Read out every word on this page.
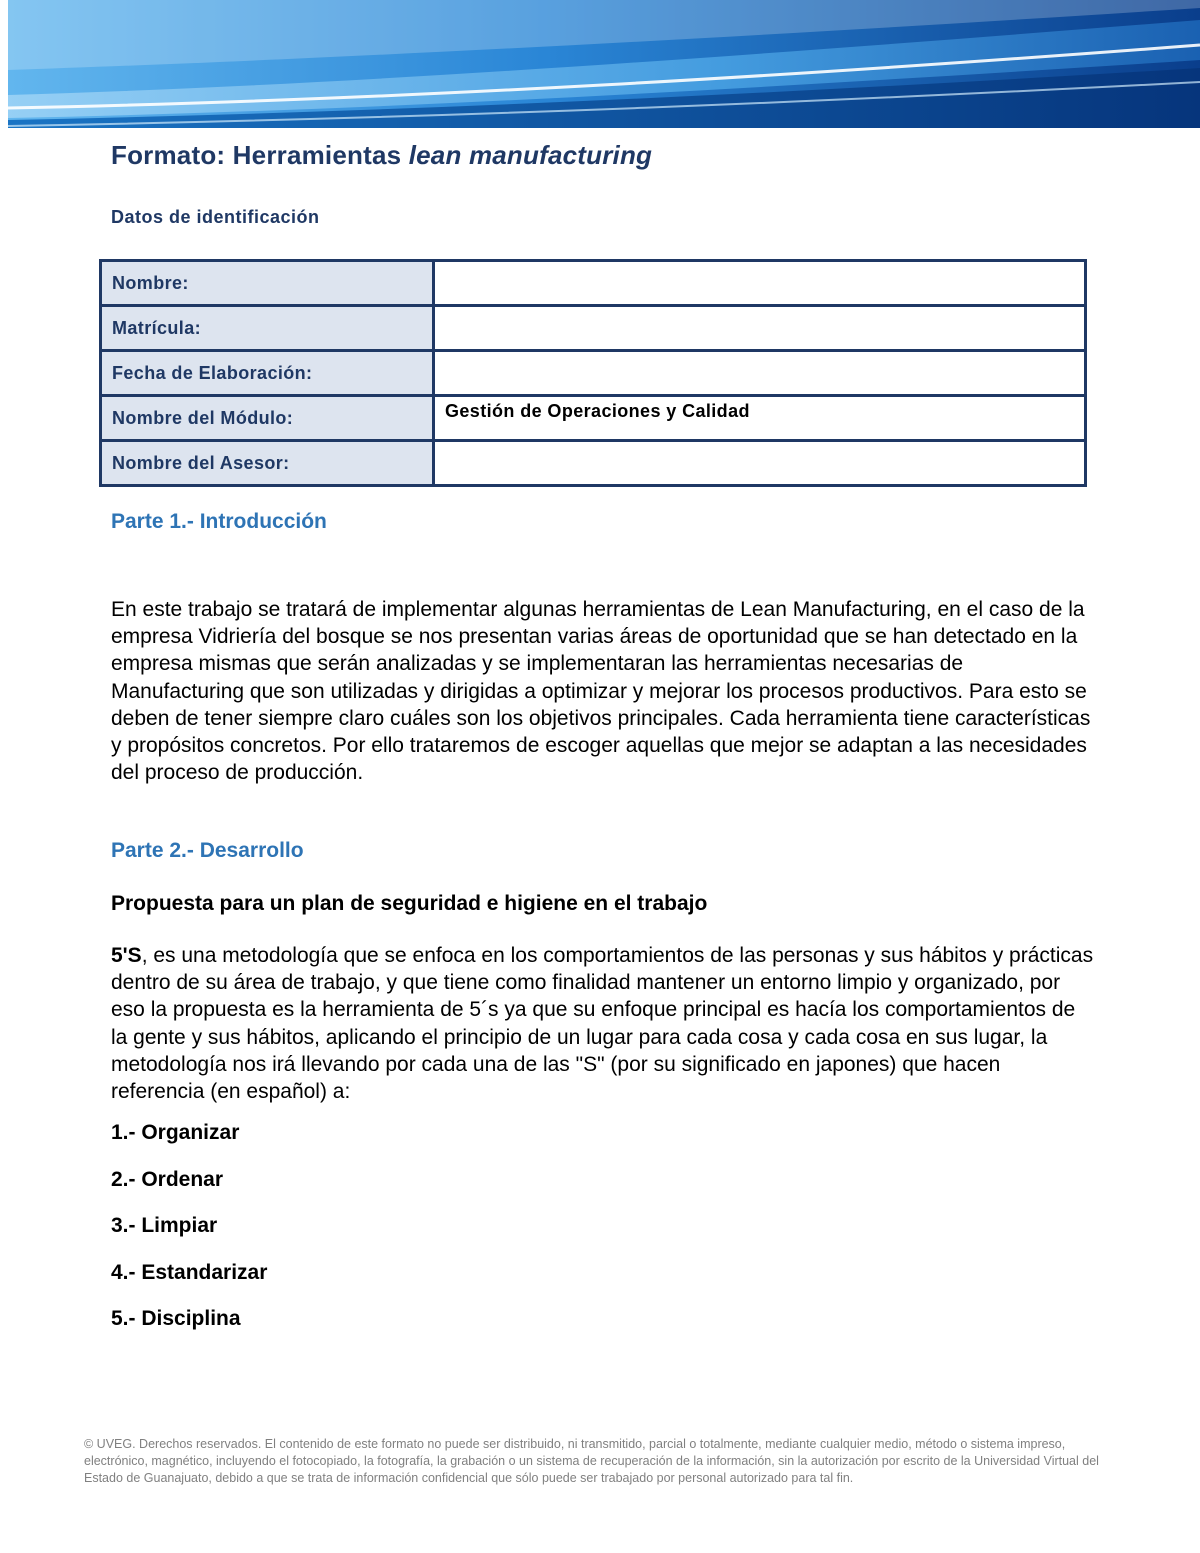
Formato: Herramientas lean manufacturing
Datos de identificación
Nombre:	
Matrícula:	
Fecha de Elaboración:	
Nombre del Módulo:	Gestión de Operaciones y Calidad
Nombre del Asesor:	
Parte 1.- Introducción

En este trabajo se tratará de implementar algunas herramientas de Lean Manufacturing, en el caso de la empresa Vidriería del bosque se nos presentan varias áreas de oportunidad que se han detectado en la empresa mismas que serán analizadas y se implementaran las herramientas necesarias de Manufacturing que son utilizadas y dirigidas a optimizar y mejorar los procesos productivos. Para esto se deben de tener siempre claro cuáles son los objetivos principales. Cada herramienta tiene características y propósitos concretos. Por ello trataremos de escoger aquellas que mejor se adaptan a las necesidades del proceso de producción.

Parte 2.- Desarrollo
Propuesta para un plan de seguridad e higiene en el trabajo

5'S, es una metodología que se enfoca en los comportamientos de las personas y sus hábitos y prácticas dentro de su área de trabajo, y que tiene como finalidad mantener un entorno limpio y organizado, por eso la propuesta es la herramienta de 5´s ya que su enfoque principal es hacía los comportamientos de la gente y sus hábitos, aplicando el principio de un lugar para cada cosa y cada cosa en sus lugar, la metodología nos irá llevando por cada una de las "S" (por su significado en japones) que hacen referencia (en español) a:

1.- Organizar
2.- Ordenar
3.- Limpiar
4.- Estandarizar
5.- Disciplina

© UVEG. Derechos reservados. El contenido de este formato no puede ser distribuido, ni transmitido, parcial o totalmente, mediante cualquier medio, método o sistema impreso, electrónico, magnético, incluyendo el fotocopiado, la fotografía, la grabación o un sistema de recuperación de la información, sin la autorización por escrito de la Universidad Virtual del Estado de Guanajuato, debido a que se trata de información confidencial que sólo puede ser trabajado por personal autorizado para tal fin.
